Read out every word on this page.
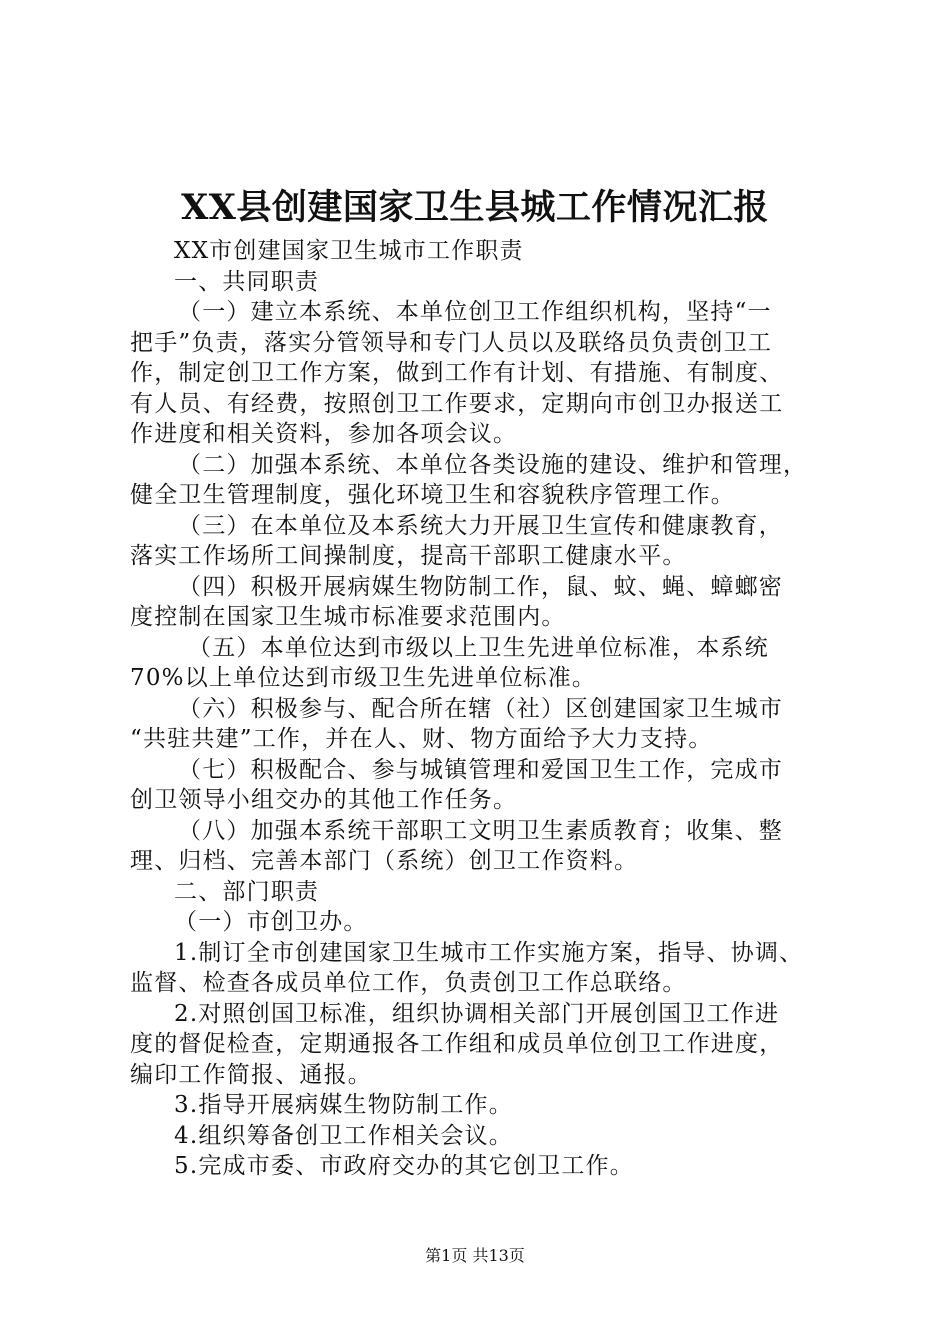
XX县创建国家卫生县城工作情况汇报
XX市创建国家卫生城市工作职责
一、共同职责
（一）建立本系统、本单位创卫工作组织机构，坚持“一
把手”负责，落实分管领导和专门人员以及联络员负责创卫工
作，制定创卫工作方案，做到工作有计划、有措施、有制度、
有人员、有经费，按照创卫工作要求，定期向市创卫办报送工
作进度和相关资料，参加各项会议。
（二）加强本系统、本单位各类设施的建设、维护和管理，
健全卫生管理制度，强化环境卫生和容貌秩序管理工作。
（三）在本单位及本系统大力开展卫生宣传和健康教育，
落实工作场所工间操制度，提高干部职工健康水平。
（四）积极开展病媒生物防制工作，鼠、蚊、蝇、蟑螂密
度控制在国家卫生城市标准要求范围内。
（五）本单位达到市级以上卫生先进单位标准，本系统
70%以上单位达到市级卫生先进单位标准。
（六）积极参与、配合所在辖（社）区创建国家卫生城市
“共驻共建”工作，并在人、财、物方面给予大力支持。
（七）积极配合、参与城镇管理和爱国卫生工作，完成市
创卫领导小组交办的其他工作任务。
（八）加强本系统干部职工文明卫生素质教育；收集、整
理、归档、完善本部门（系统）创卫工作资料。
二、部门职责
（一）市创卫办。
1.制订全市创建国家卫生城市工作实施方案，指导、协调、
监督、检查各成员单位工作，负责创卫工作总联络。
2.对照创国卫标准，组织协调相关部门开展创国卫工作进
度的督促检查，定期通报各工作组和成员单位创卫工作进度，
编印工作简报、通报。
3.指导开展病媒生物防制工作。
4.组织筹备创卫工作相关会议。
5.完成市委、市政府交办的其它创卫工作。
第1页 共13页
